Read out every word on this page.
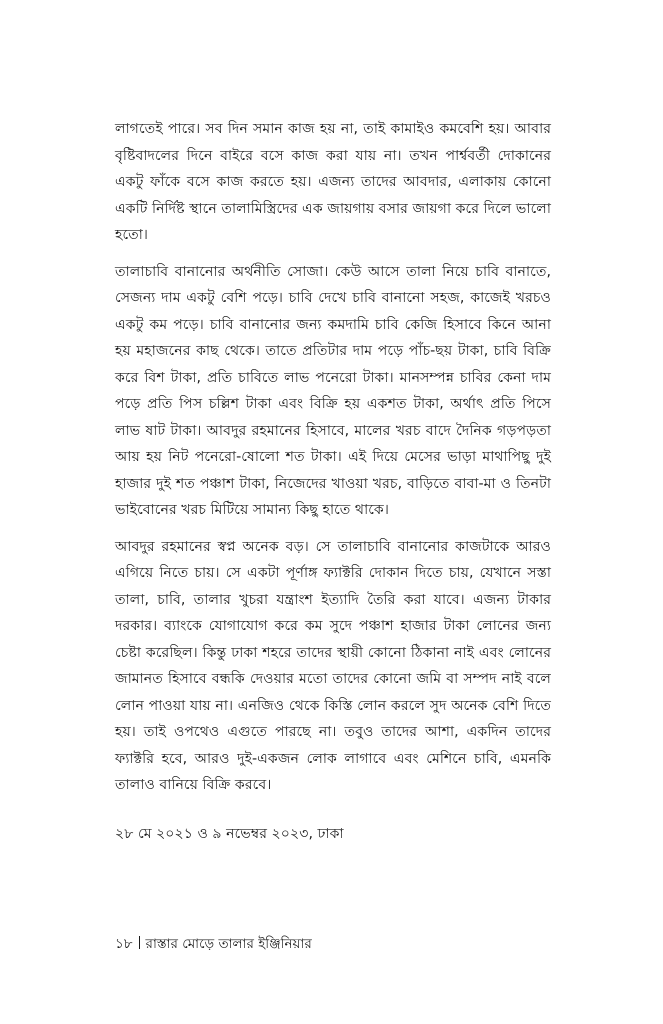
লাগতেই পারে। সব দিন সমান কাজ হয় না, তাই কামাইও কমবেশি হয়। আবার বৃষ্টিবাদলের দিনে বাইরে বসে কাজ করা যায় না। তখন পার্শ্ববর্তী দোকানের একটু ফাঁকে বসে কাজ করতে হয়। এজন্য তাদের আবদার, এলাকায় কোনো একটি নির্দিষ্ট স্থানে তালামিস্ত্রিদের এক জায়গায় বসার জায়গা করে দিলে ভালো হতো।

তালাচাবি বানানোর অর্থনীতি সোজা। কেউ আসে তালা নিয়ে চাবি বানাতে, সেজন্য দাম একটু বেশি পড়ে। চাবি দেখে চাবি বানানো সহজ, কাজেই খরচও একটু কম পড়ে। চাবি বানানোর জন্য কমদামি চাবি কেজি হিসাবে কিনে আনা হয় মহাজনের কাছ থেকে। তাতে প্রতিটার দাম পড়ে পাঁচ-ছয় টাকা, চাবি বিক্রি করে বিশ টাকা, প্রতি চাবিতে লাভ পনেরো টাকা। মানসম্পন্ন চাবির কেনা দাম পড়ে প্রতি পিস চল্লিশ টাকা এবং বিক্রি হয় একশত টাকা, অর্থাৎ প্রতি পিসে লাভ ষাট টাকা। আবদুর রহমানের হিসাবে, মালের খরচ বাদে দৈনিক গড়পড়তা আয় হয় নিট পনেরো-ষোলো শত টাকা। এই দিয়ে মেসের ভাড়া মাথাপিছু দুই হাজার দুই শত পঞ্চাশ টাকা, নিজেদের খাওয়া খরচ, বাড়িতে বাবা-মা ও তিনটা ভাইবোনের খরচ মিটিয়ে সামান্য কিছু হাতে থাকে।

আবদুর রহমানের স্বপ্ন অনেক বড়। সে তালাচাবি বানানোর কাজটাকে আরও এগিয়ে নিতে চায়। সে একটা পূর্ণাঙ্গ ফ্যাক্টরি দোকান দিতে চায়, যেখানে সস্তা তালা, চাবি, তালার খুচরা যন্ত্রাংশ ইত্যাদি তৈরি করা যাবে। এজন্য টাকার দরকার। ব্যাংকে যোগাযোগ করে কম সুদে পঞ্চাশ হাজার টাকা লোনের জন্য চেষ্টা করেছিল। কিন্তু ঢাকা শহরে তাদের স্থায়ী কোনো ঠিকানা নাই এবং লোনের জামানত হিসাবে বন্ধকি দেওয়ার মতো তাদের কোনো জমি বা সম্পদ নাই বলে লোন পাওয়া যায় না। এনজিও থেকে কিস্তি লোন করলে সুদ অনেক বেশি দিতে হয়। তাই ওপথেও এগুতে পারছে না। তবুও তাদের আশা, একদিন তাদের ফ্যাক্টরি হবে, আরও দুই-একজন লোক লাগাবে এবং মেশিনে চাবি, এমনকি তালাও বানিয়ে বিক্রি করবে।

২৮ মে ২০২১ ও ৯ নভেম্বর ২০২৩, ঢাকা

১৮ রাস্তার মোড়ে তালার ইঞ্জিনিয়ার
